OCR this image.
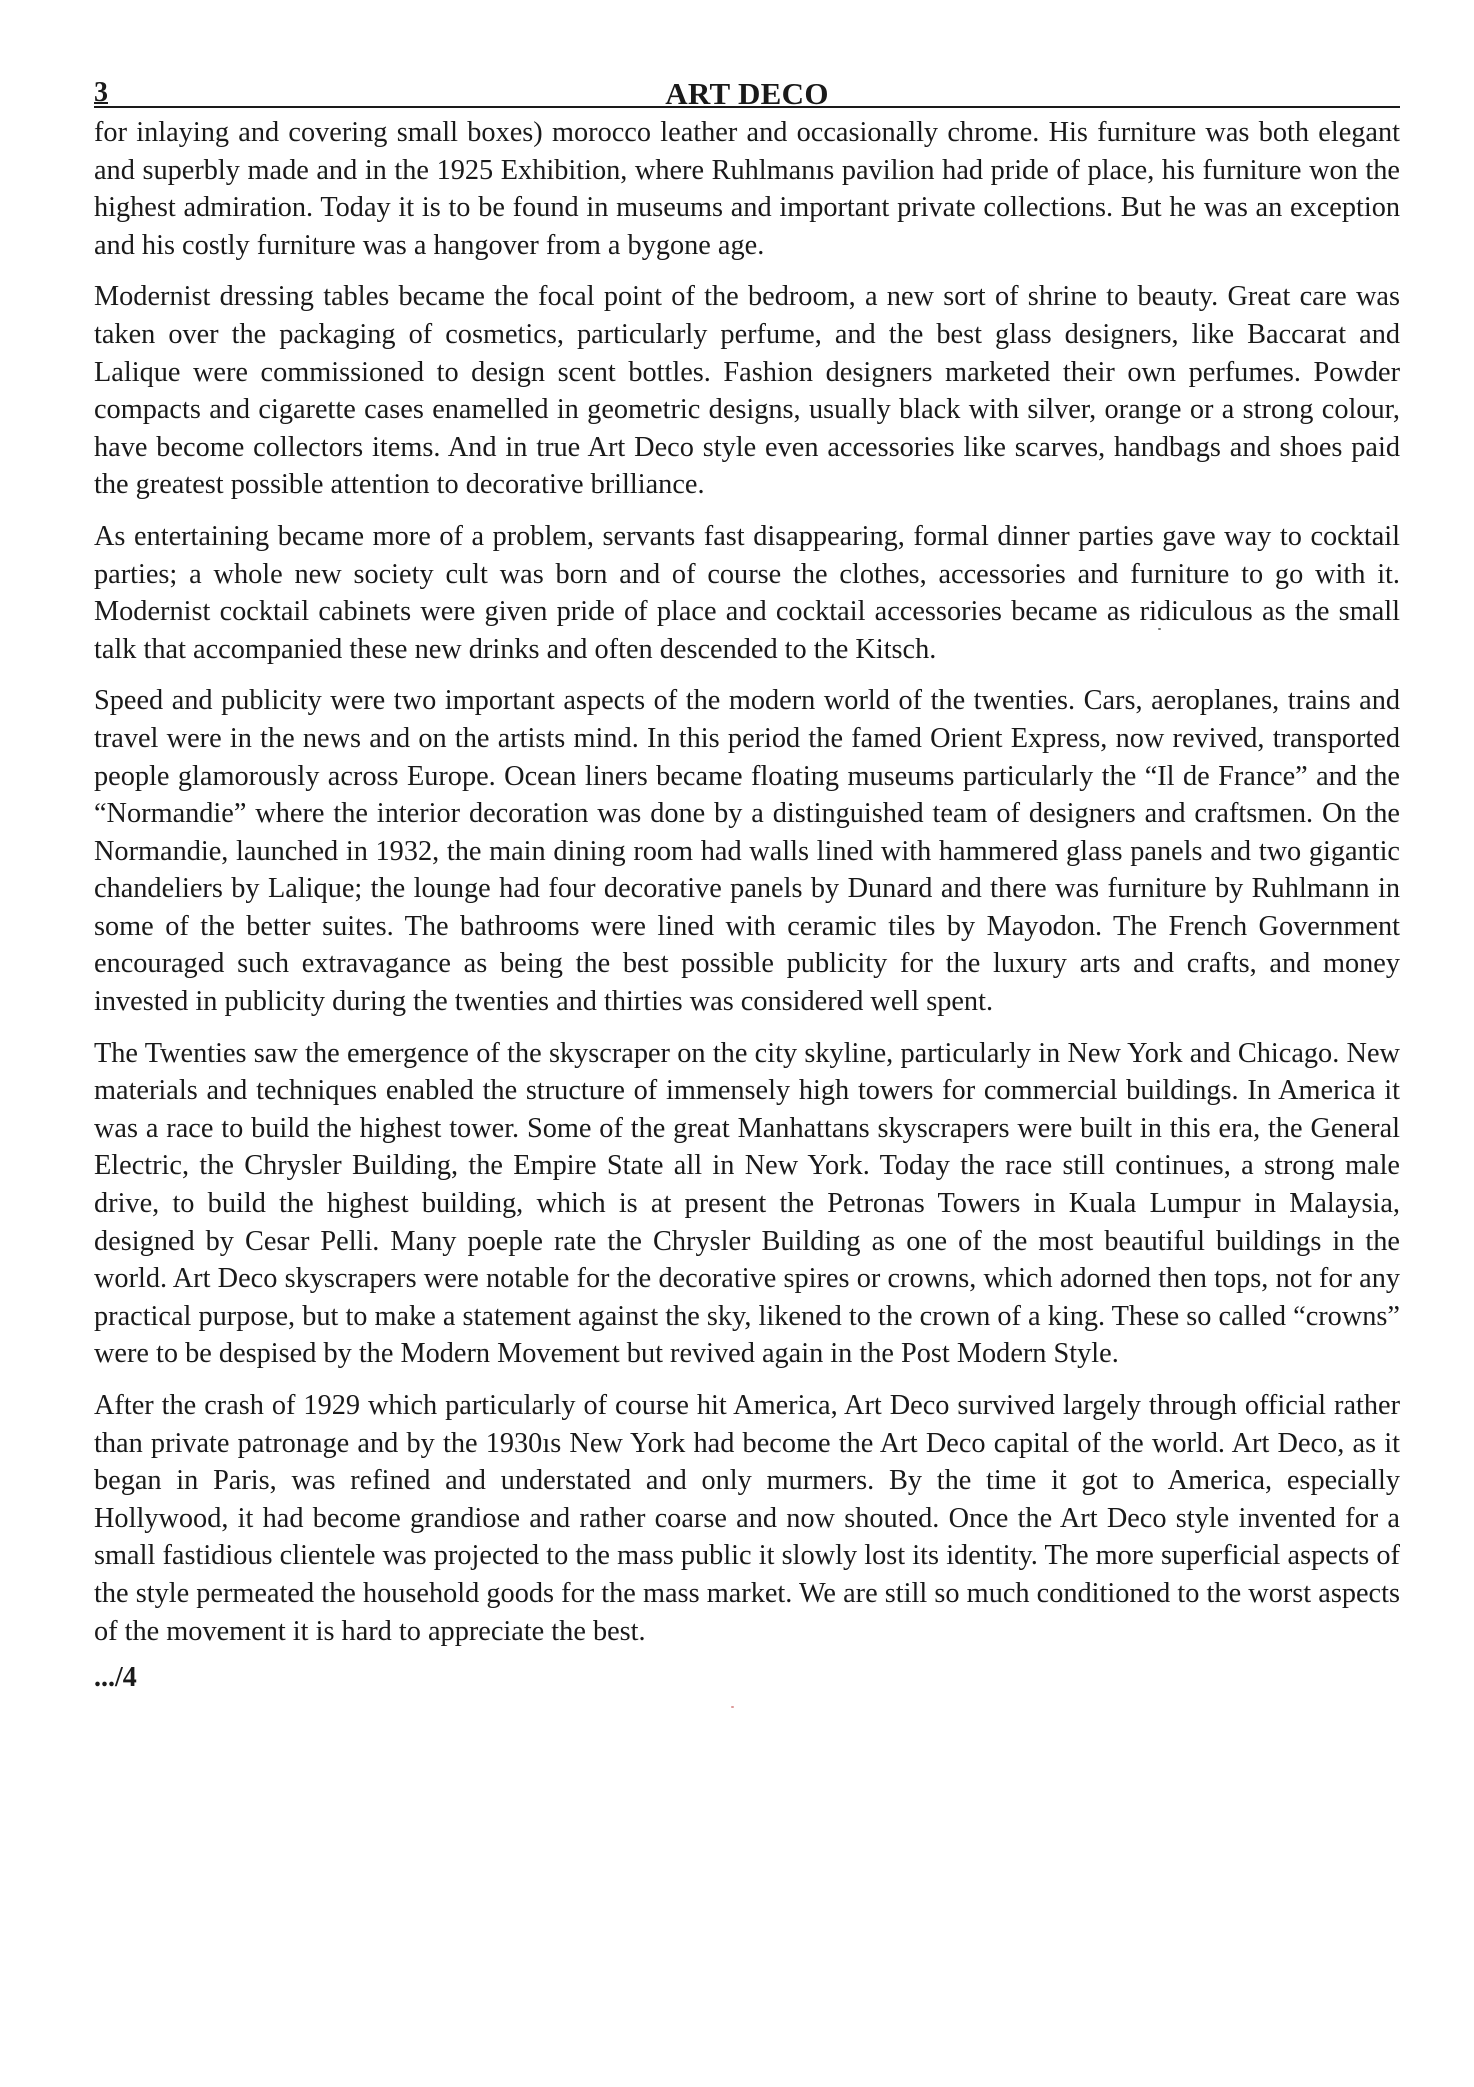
ART DECO
3

for inlaying and covering small boxes) morocco leather and occasionally chrome. His furniture was both elegant and superbly made and in the 1925 Exhibition, where Ruhlmanıs pavilion had pride of place, his furniture won the highest admiration. Today it is to be found in museums and important private collections. But he was an exception and his costly furniture was a hangover from a bygone age.

Modernist dressing tables became the focal point of the bedroom, a new sort of shrine to beauty. Great care was taken over the packaging of cosmetics, particularly perfume, and the best glass designers, like Baccarat and Lalique were commissioned to design scent bottles. Fashion designers marketed their own perfumes. Powder compacts and cigarette cases enamelled in geometric designs, usually black with silver, orange or a strong colour, have become collectors items. And in true Art Deco style even accessories like scarves, handbags and shoes paid the greatest possible attention to decorative brilliance.

As entertaining became more of a problem, servants fast disappearing, formal dinner parties gave way to cocktail parties; a whole new society cult was born and of course the clothes, accessories and furniture to go with it. Modernist cocktail cabinets were given pride of place and cocktail accessories became as ridiculous as the small talk that accompanied these new drinks and often descended to the Kitsch.

Speed and publicity were two important aspects of the modern world of the twenties. Cars, aeroplanes, trains and travel were in the news and on the artists mind. In this period the famed Orient Express, now revived, transported people glamorously across Europe. Ocean liners became floating museums particularly the “Il de France” and the “Normandie” where the interior decoration was done by a distinguished team of designers and craftsmen. On the Normandie, launched in 1932, the main dining room had walls lined with hammered glass panels and two gigantic chandeliers by Lalique; the lounge had four decorative panels by Dunard and there was furniture by Ruhlmann in some of the better suites. The bathrooms were lined with ceramic tiles by Mayodon. The French Government encouraged such extravagance as being the best possible publicity for the luxury arts and crafts, and money invested in publicity during the twenties and thirties was considered well spent.

The Twenties saw the emergence of the skyscraper on the city skyline, particularly in New York and Chicago. New materials and techniques enabled the structure of immensely high towers for commercial buildings. In America it was a race to build the highest tower. Some of the great Manhattans skyscrapers were built in this era, the General Electric, the Chrysler Building, the Empire State all in New York. Today the race still continues, a strong male drive, to build the highest building, which is at present the Petronas Towers in Kuala Lumpur in Malaysia, designed by Cesar Pelli. Many poeple rate the Chrysler Building as one of the most beautiful buildings in the world. Art Deco skyscrapers were notable for the decorative spires or crowns, which adorned then tops, not for any practical purpose, but to make a statement against the sky, likened to the crown of a king. These so called “crowns” were to be despised by the Modern Movement but revived again in the Post Modern Style.

After the crash of 1929 which particularly of course hit America, Art Deco survived largely through official rather than private patronage and by the 1930ıs New York had become the Art Deco capital of the world. Art Deco, as it began in Paris, was refined and understated and only murmers. By the time it got to America, especially Hollywood, it had become grandiose and rather coarse and now shouted. Once the Art Deco style invented for a small fastidious clientele was projected to the mass public it slowly lost its identity. The more superficial aspects of the style permeated the household goods for the mass market. We are still so much conditioned to the worst aspects of the movement it is hard to appreciate the best.

.../4
